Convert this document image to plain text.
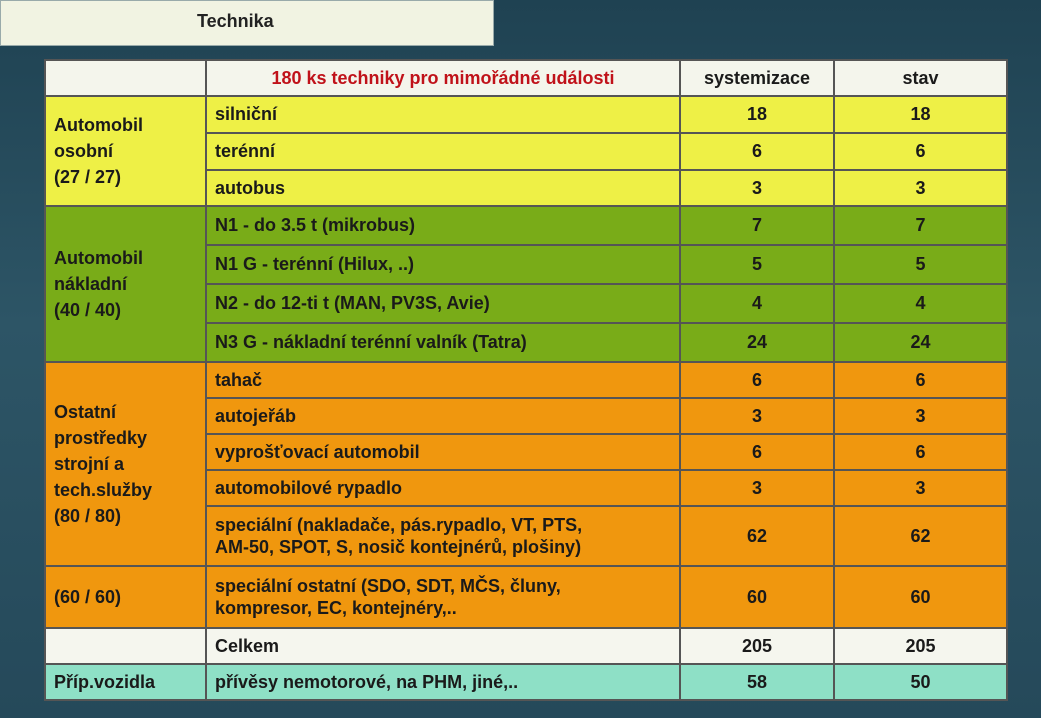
Technika
	180 ks techniky pro mimořádné události	systemizace	stav

Automobil
osobní
(27 / 27)	silniční	18	18
	terénní	6	6
	autobus	3	3

Automobil
nákladní
(40 / 40)	N1 - do 3.5 t (mikrobus)	7	7
	N1 G - terénní (Hilux, ..)	5	5
	N2 - do 12-ti t (MAN, PV3S, Avie)	4	4
	N3 G - nákladní terénní valník (Tatra)	24	24

Ostatní
prostředky
strojní a
tech.služby
(80 / 80)	tahač	6	6
	autojeřáb	3	3
	vyprošťovací automobil	6	6
	automobilové rypadlo	3	3

	speciální (nakladače, pás.rypadlo, VT, PTS,
AM-50, SPOT, S, nosič kontejnérů, plošiny)	62	62
(60 / 60)	speciální ostatní (SDO, SDT, MČS, čluny,
kompresor, EC, kontejnéry,..	60	60
	Celkem	205	205
Příp.vozidla	přívěsy nemotorové, na PHM, jiné,..	58	50
